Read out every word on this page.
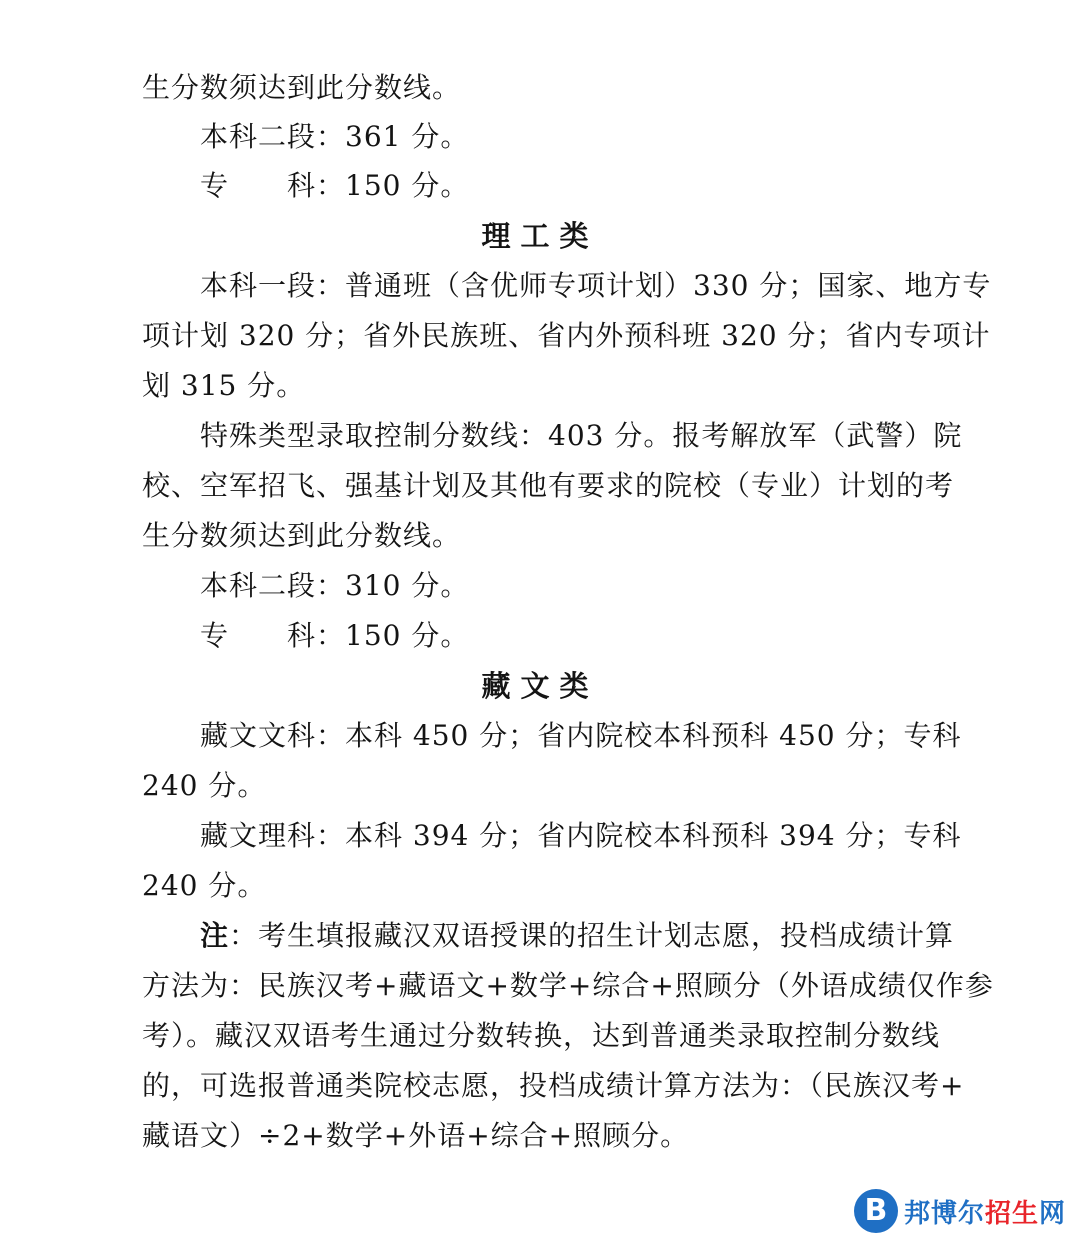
生分数须达到此分数线。
本科二段：361 分。
专　　科：150 分。
理工类
本科一段：普通班（含优师专项计划）330 分；国家、地方专
项计划 320 分；省外民族班、省内外预科班 320 分；省内专项计
划 315 分。
特殊类型录取控制分数线：403 分。报考解放军（武警）院
校、空军招飞、强基计划及其他有要求的院校（专业）计划的考
生分数须达到此分数线。
本科二段：310 分。
专　　科：150 分。
藏文类
藏文文科：本科 450 分；省内院校本科预科 450 分；专科
240 分。
藏文理科：本科 394 分；省内院校本科预科 394 分；专科
240 分。
注：考生填报藏汉双语授课的招生计划志愿，投档成绩计算
方法为：民族汉考+藏语文+数学+综合+照顾分（外语成绩仅作参
考）。藏汉双语考生通过分数转换，达到普通类录取控制分数线
的，可选报普通类院校志愿，投档成绩计算方法为：（民族汉考+
藏语文）÷2+数学+外语+综合+照顾分。
B 邦博尔招生网
